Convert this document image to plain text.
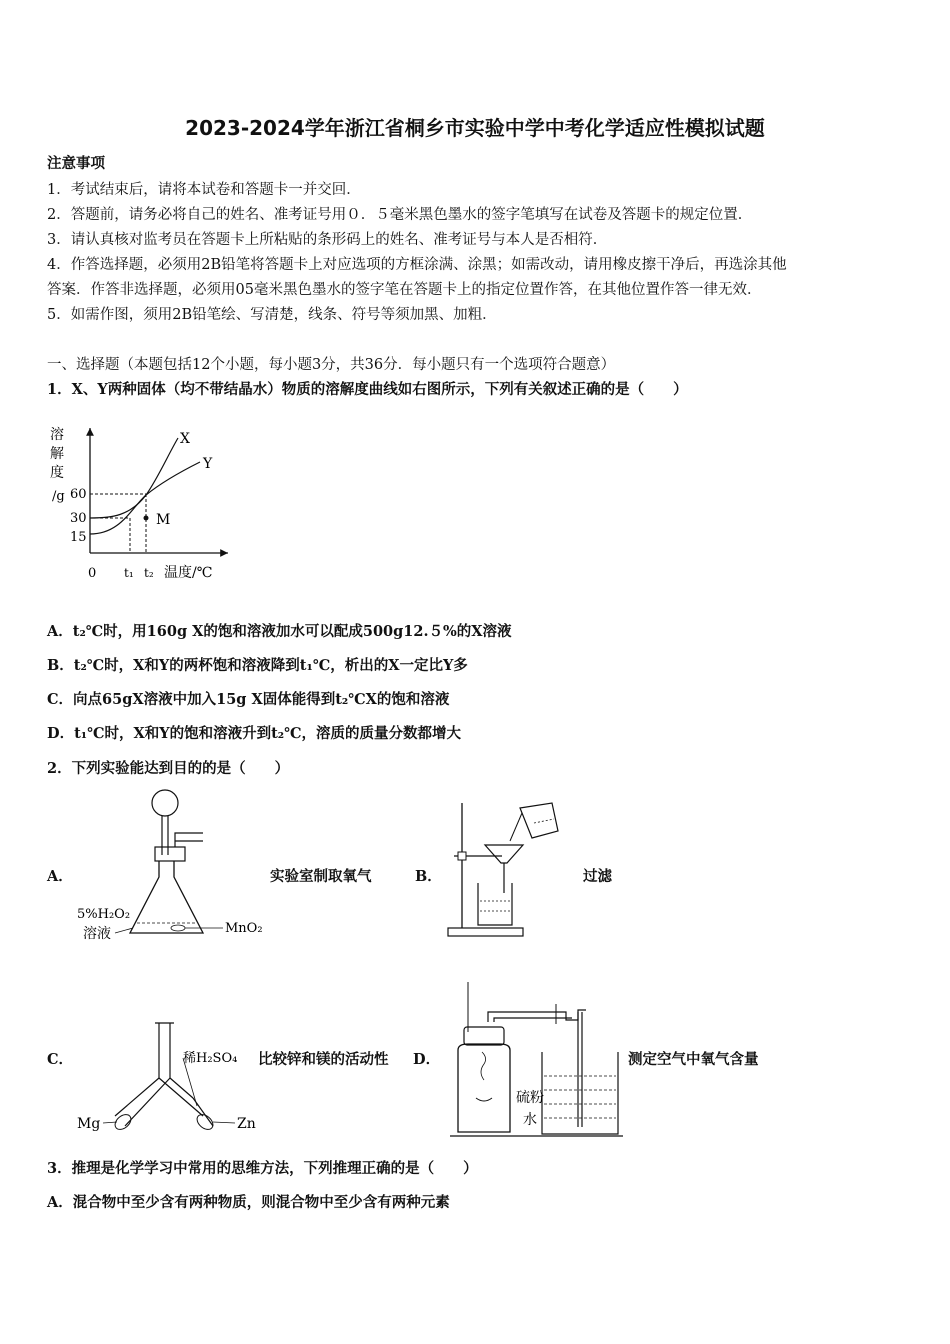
2023-2024学年浙江省桐乡市实验中学中考化学适应性模拟试题
注意事项
1．考试结束后，请将本试卷和答题卡一并交回．
2．答题前，请务必将自己的姓名、准考证号用０．５毫米黑色墨水的签字笔填写在试卷及答题卡的规定位置．
3．请认真核对监考员在答题卡上所粘贴的条形码上的姓名、准考证号与本人是否相符．
4．作答选择题，必须用2B铅笔将答题卡上对应选项的方框涂满、涂黑；如需改动，请用橡皮擦干净后，再选涂其他
答案．作答非选择题，必须用05毫米黑色墨水的签字笔在答题卡上的指定位置作答，在其他位置作答一律无效．
5．如需作图，须用2B铅笔绘、写清楚，线条、符号等须加黑、加粗．
一、选择题（本题包括12个小题，每小题3分，共36分．每小题只有一个选项符合题意）
1．X、Y两种固体（均不带结晶水）物质的溶解度曲线如右图所示，下列有关叙述正确的是（　　）
溶
解
度
/g 60
30
15
0 t₁ t₂ 温度/℃
X
Y
M
A．t₂℃时，用160g X的饱和溶液加水可以配成500g12.５%的X溶液
B．t₂℃时，X和Y的两杯饱和溶液降到t₁℃，析出的X一定比Y多
C．向点65gX溶液中加入15g X固体能得到t₂℃X的饱和溶液
D．t₁℃时，X和Y的饱和溶液升到t₂℃，溶质的质量分数都增大
2．下列实验能达到目的的是（　　）
A．
5%H₂O₂
溶液	MnO₂
实验室制取氧气	B．	过滤
C．	稀H₂SO₄
Mg	Zn
比较锌和镁的活动性 D．
硫粉
水
测定空气中氧气含量
3．推理是化学学习中常用的思维方法，下列推理正确的是（　　）
A．混合物中至少含有两种物质，则混合物中至少含有两种元素
